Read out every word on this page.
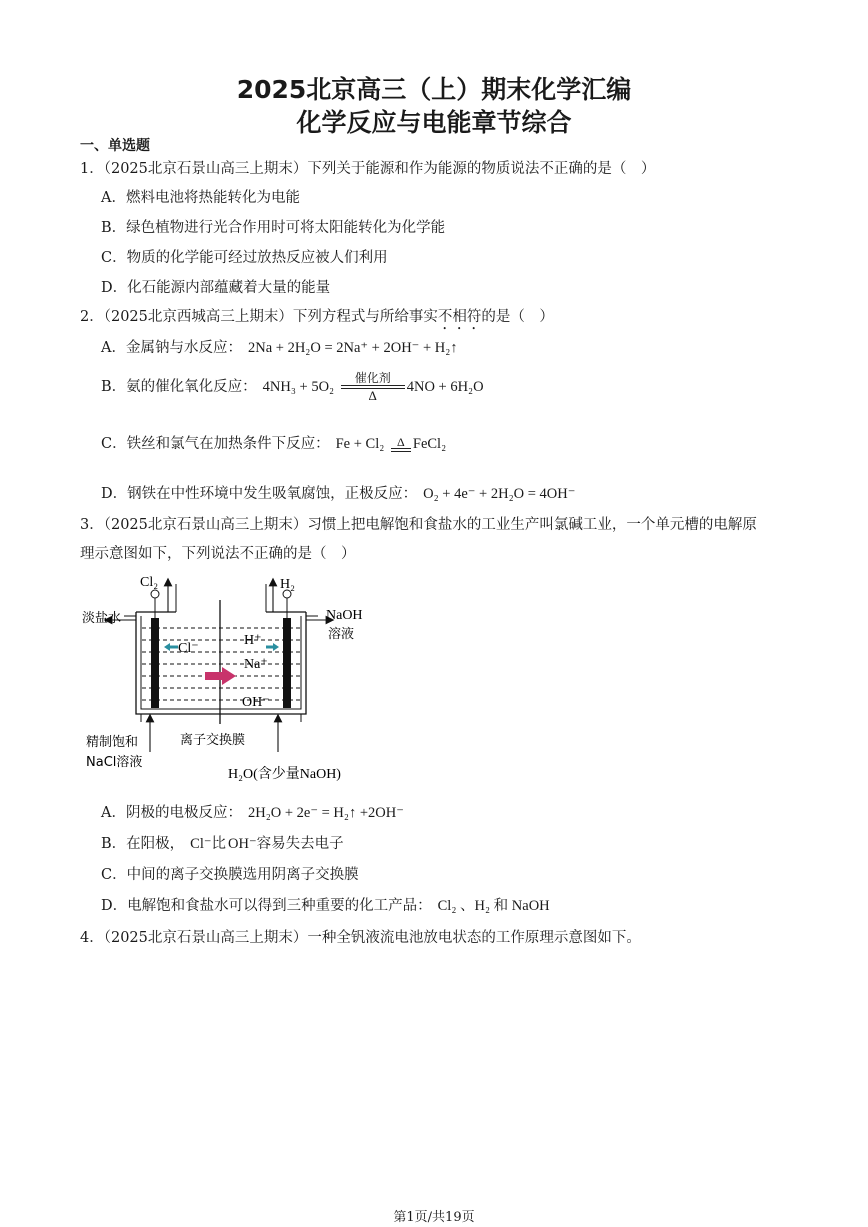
2025北京高三（上）期末化学汇编
化学反应与电能章节综合
一、单选题
1．（2025北京石景山高三上期末）下列关于能源和作为能源的物质说法不正确的是（　）
A．燃料电池将热能转化为电能
B．绿色植物进行光合作用时可将太阳能转化为化学能
C．物质的化学能可经过放热反应被人们利用
D．化石能源内部蕴藏着大量的能量
2．（2025北京西城高三上期末）下列方程式与所给事实不相符的是（　）
A．金属钠与水反应： 2Na + 2H₂O = 2Na⁺ + 2OH⁻ + H₂↑
B．氨的催化氧化反应： 4NH₃ + 5O₂
催化剂
Δ
4NO + 6H₂O
C．铁丝和氯气在加热条件下反应： Fe + Cl₂	Δ FeCl₂
D．钢铁在中性环境中发生吸氧腐蚀，正极反应： O₂ + 4e⁻ + 2H₂O = 4OH⁻
3．（2025北京石景山高三上期末）习惯上把电解饱和食盐水的工业生产叫氯碱工业，一个单元槽的电解原
理示意图如下，下列说法不正确的是（　）
Cl₂	H₂
淡盐水	NaOH
溶液
Cl⁻
H⁺
Na⁺
OH⁻
精制饱和
NaCl溶液
离子交换膜
H₂O(含少量NaOH)
A．阴极的电极反应： 2H₂O + 2e⁻ = H₂↑ +2OH⁻
B．在阳极， Cl⁻比 OH⁻容易失去电子
C．中间的离子交换膜选用阴离子交换膜
D．电解饱和食盐水可以得到三种重要的化工产品： Cl₂ 、H₂ 和 NaOH
4．（2025北京石景山高三上期末）一种全钒液流电池放电状态的工作原理示意图如下。
第1页/共19页
